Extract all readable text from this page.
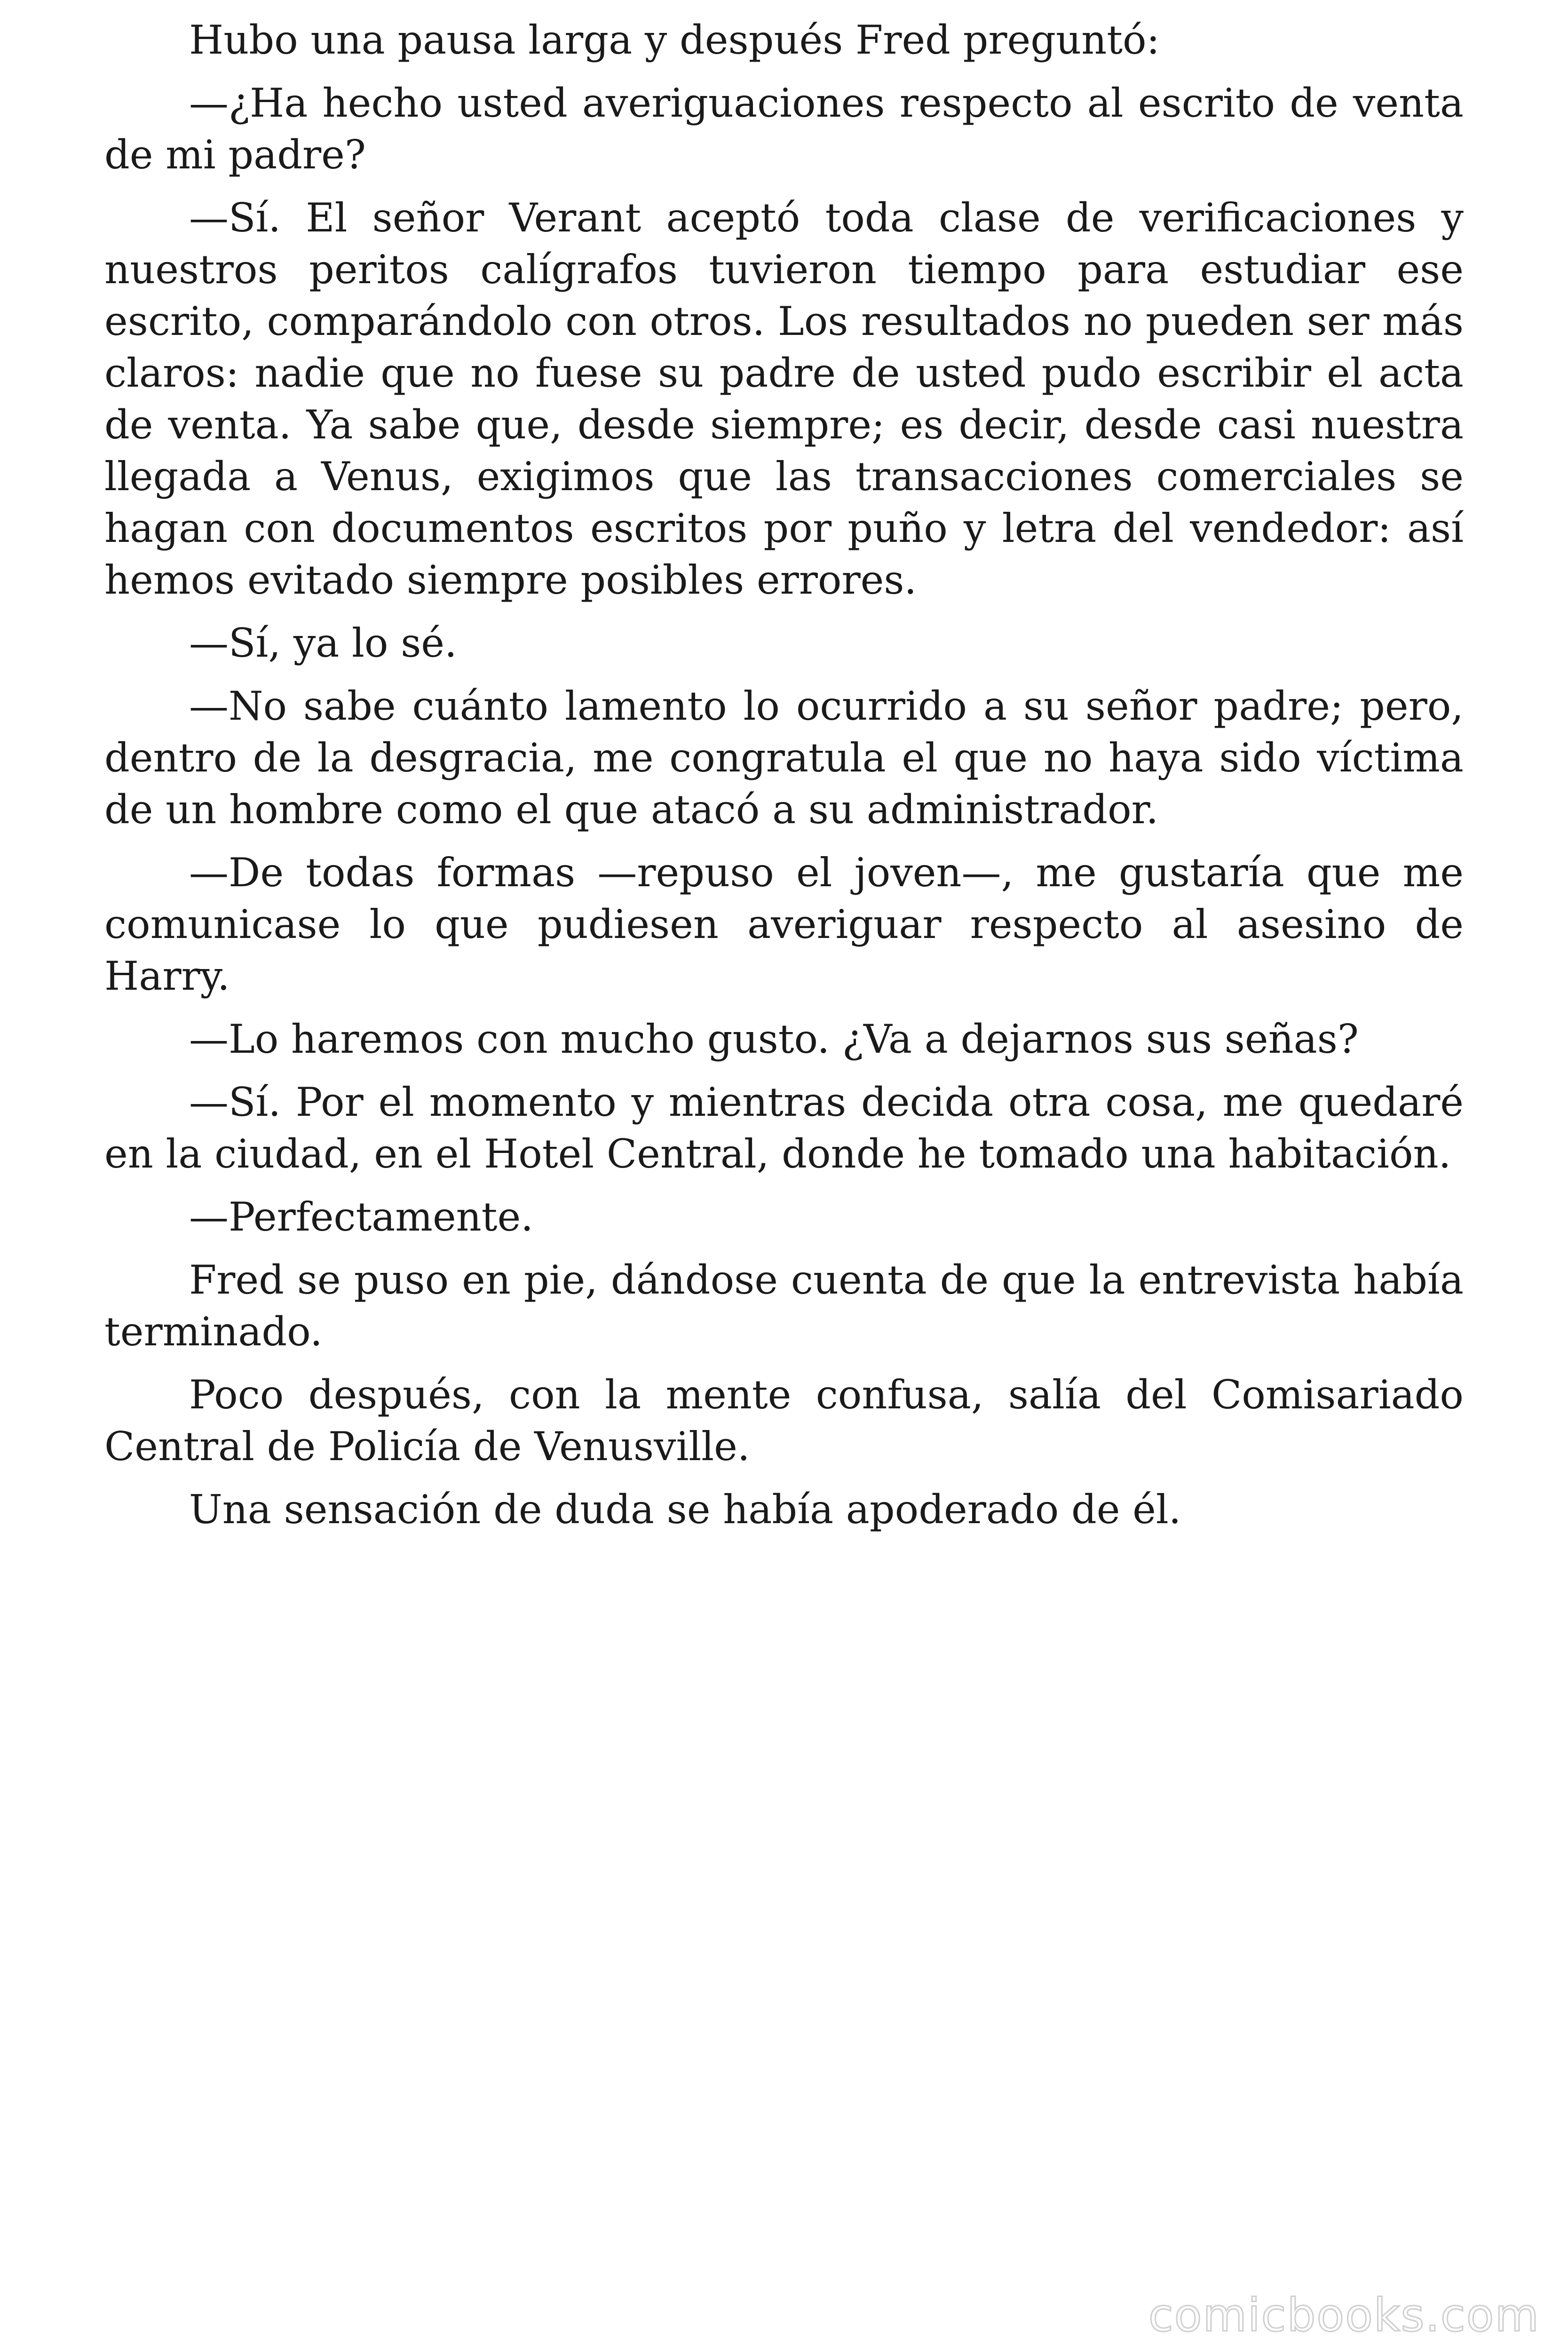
Hubo una pausa larga y después Fred preguntó:

—¿Ha hecho usted averiguaciones respecto al escrito de venta de mi padre?

—Sí. El señor Verant aceptó toda clase de verificaciones y nuestros peritos calígrafos tuvieron tiempo para estudiar ese escrito, comparándolo con otros. Los resultados no pueden ser más claros: nadie que no fuese su padre de usted pudo escribir el acta de venta. Ya sabe que, desde siempre; es decir, desde casi nuestra llegada a Venus, exigimos que las transacciones comerciales se hagan con documentos escritos por puño y letra del vendedor: así hemos evitado siempre posibles errores.

—Sí, ya lo sé.

—No sabe cuánto lamento lo ocurrido a su señor padre; pero, dentro de la desgracia, me congratula el que no haya sido víctima de un hombre como el que atacó a su administrador.

—De todas formas —repuso el joven—, me gustaría que me comunicase lo que pudiesen averiguar respecto al asesino de Harry.

—Lo haremos con mucho gusto. ¿Va a dejarnos sus señas?

—Sí. Por el momento y mientras decida otra cosa, me quedaré en la ciudad, en el Hotel Central, donde he tomado una habitación.

—Perfectamente.

Fred se puso en pie, dándose cuenta de que la entrevista había terminado.

Poco después, con la mente confusa, salía del Comisariado Central de Policía de Venusville.

Una sensación de duda se había apoderado de él.

comicbooks.com
